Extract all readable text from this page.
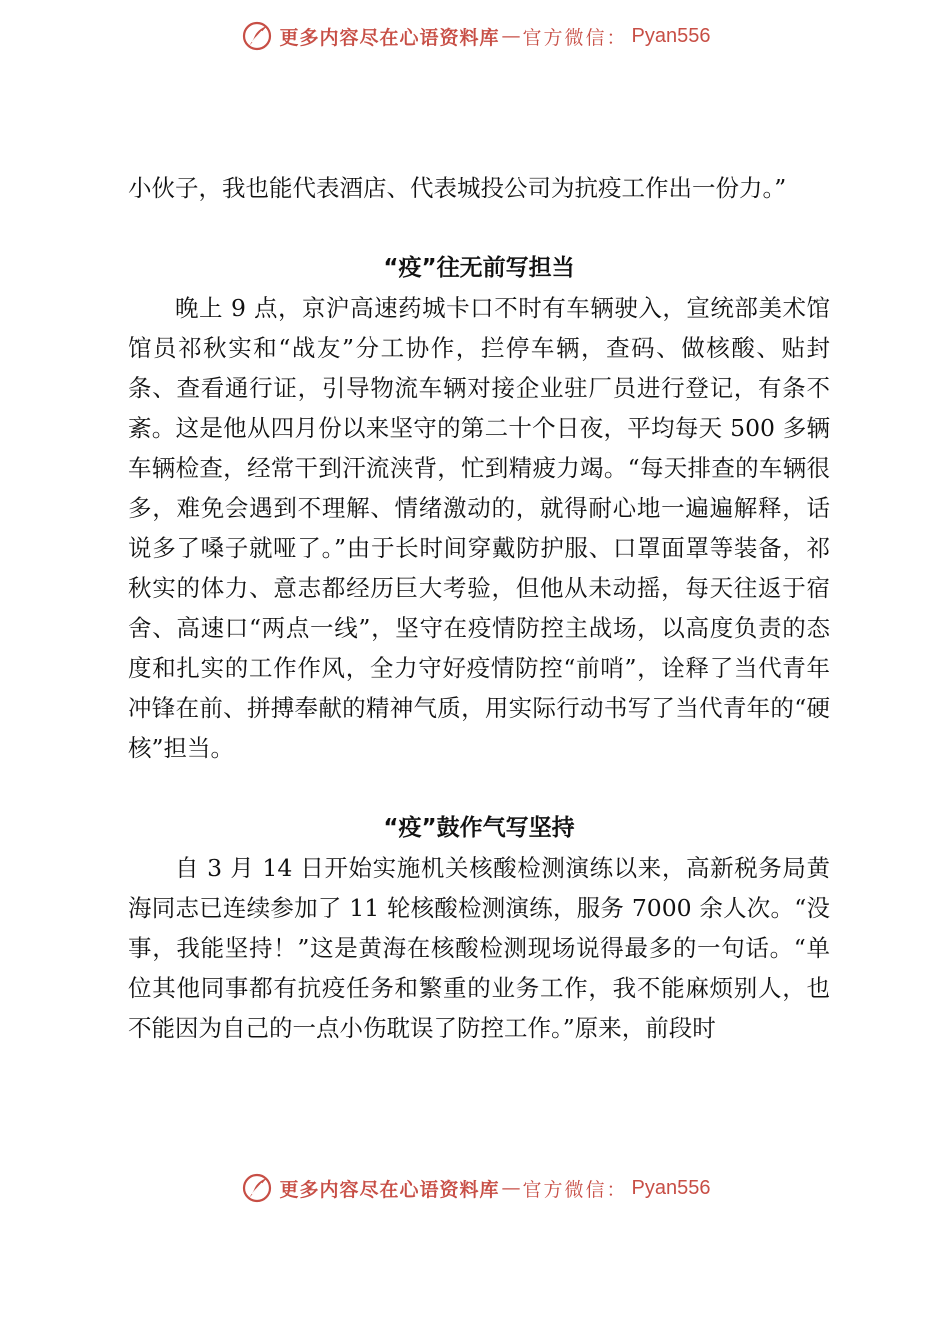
更多内容尽在心语资料库 — 官方微信： Pyan556

小伙子，我也能代表酒店、代表城投公司为抗疫工作出一份力。”

“疫”往无前写担当

晚上 9 点，京沪高速药城卡口不时有车辆驶入，宣统部美术馆馆员祁秋实和“战友”分工协作，拦停车辆，查码、做核酸、贴封条、查看通行证，引导物流车辆对接企业驻厂员进行登记，有条不紊。这是他从四月份以来坚守的第二十个日夜，平均每天 500 多辆车辆检查，经常干到汗流浃背，忙到精疲力竭。“每天排查的车辆很多，难免会遇到不理解、情绪激动的，就得耐心地一遍遍解释，话说多了嗓子就哑了。”由于长时间穿戴防护服、口罩面罩等装备，祁秋实的体力、意志都经历巨大考验，但他从未动摇，每天往返于宿舍、高速口“两点一线”，坚守在疫情防控主战场，以高度负责的态度和扎实的工作作风，全力守好疫情防控“前哨”，诠释了当代青年冲锋在前、拼搏奉献的精神气质，用实际行动书写了当代青年的“硬核”担当。

“疫”鼓作气写坚持

自 3 月 14 日开始实施机关核酸检测演练以来，高新税务局黄海同志已连续参加了 11 轮核酸检测演练，服务 7000 余人次。“没事，我能坚持！”这是黄海在核酸检测现场说得最多的一句话。“单位其他同事都有抗疫任务和繁重的业务工作，我不能麻烦别人，也不能因为自己的一点小伤耽误了防控工作。”原来，前段时

更多内容尽在心语资料库 — 官方微信： Pyan556
